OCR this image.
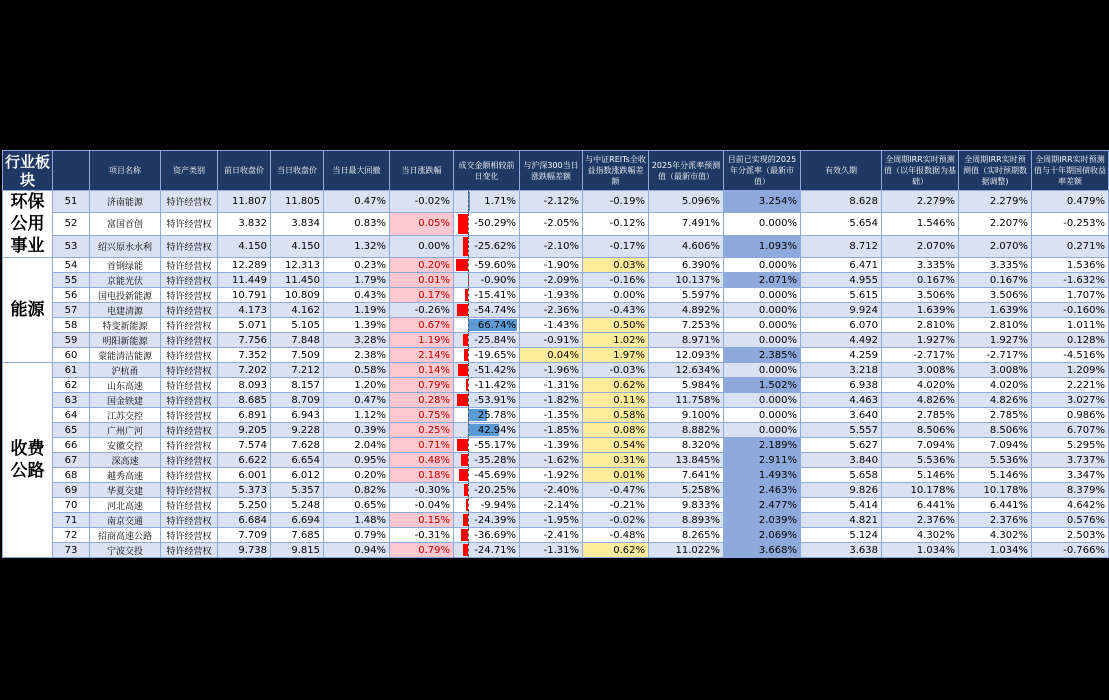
行业板块		项目名称	资产类别	前日收盘价	当日收盘价	当日最大回撤	当日涨跌幅	成交金额相较前日变化	与沪深300当日涨跌幅差额	与中证REITs全收益指数涨跌幅差额	2025年分派率预测值（最新市值）	目前已实现的2025年分派率（最新市值）	有效久期	全周期IRR实时预测值（以年报数据为基础）	全周期IRR实时预测值（实时预期数据调整)	全周期IRR实时预测值与十年期国债收益率差额
环保公用事业	51	济南能源	特许经营权	11.807	11.805	0.47%	-0.02%	1.71%	-2.12%	-0.19%	5.096%	3.254%	8.628	2.279%	2.279%	0.479%
	52	富国首创	特许经营权	3.832	3.834	0.83%	0.05%	-50.29%	-2.05%	-0.12%	7.491%	0.000%	5.654	1.546%	2.207%	-0.253%
	53	绍兴原水水利	特许经营权	4.150	4.150	1.32%	0.00%	-25.62%	-2.10%	-0.17%	4.606%	1.093%	8.712	2.070%	2.070%	0.271%
能源	54	首钢绿能	特许经营权	12.289	12.313	0.23%	0.20%	-59.60%	-1.90%	0.03%	6.390%	0.000%	6.471	3.335%	3.335%	1.536%
	55	京能光伏	特许经营权	11.449	11.450	1.79%	0.01%	-0.90%	-2.09%	-0.16%	10.137%	2.071%	4.955	0.167%	0.167%	-1.632%
	56	国电投新能源	特许经营权	10.791	10.809	0.43%	0.17%	-15.41%	-1.93%	0.00%	5.597%	0.000%	5.615	3.506%	3.506%	1.707%
	57	电建清源	特许经营权	4.173	4.162	1.19%	-0.26%	-54.74%	-2.36%	-0.43%	4.892%	0.000%	9.924	1.639%	1.639%	-0.160%
	58	特变新能源	特许经营权	5.071	5.105	1.39%	0.67%	66.74%	-1.43%	0.50%	7.253%	0.000%	6.070	2.810%	2.810%	1.011%
	59	明阳新能源	特许经营权	7.756	7.848	3.28%	1.19%	-25.84%	-0.91%	1.02%	8.971%	0.000%	4.492	1.927%	1.927%	0.128%
	60	蒙能清洁能源	特许经营权	7.352	7.509	2.38%	2.14%	-19.65%	0.04%	1.97%	12.093%	2.385%	4.259	-2.717%	-2.717%	-4.516%
收费公路	61	沪杭甬	特许经营权	7.202	7.212	0.58%	0.14%	-51.42%	-1.96%	-0.03%	12.634%	0.000%	3.218	3.008%	3.008%	1.209%
	62	山东高速	特许经营权	8.093	8.157	1.20%	0.79%	-11.42%	-1.31%	0.62%	5.984%	1.502%	6.938	4.020%	4.020%	2.221%
	63	国金铁建	特许经营权	8.685	8.709	0.47%	0.28%	-53.91%	-1.82%	0.11%	11.758%	0.000%	4.463	4.826%	4.826%	3.027%
	64	江苏交控	特许经营权	6.891	6.943	1.12%	0.75%	25.78%	-1.35%	0.58%	9.100%	0.000%	3.640	2.785%	2.785%	0.986%
	65	广州广河	特许经营权	9.205	9.228	0.39%	0.25%	42.94%	-1.85%	0.08%	8.882%	0.000%	5.557	8.506%	8.506%	6.707%
	66	安徽交控	特许经营权	7.574	7.628	2.04%	0.71%	-55.17%	-1.39%	0.54%	8.320%	2.189%	5.627	7.094%	7.094%	5.295%
	67	深高速	特许经营权	6.622	6.654	0.95%	0.48%	-35.28%	-1.62%	0.31%	13.845%	2.911%	3.840	5.536%	5.536%	3.737%
	68	越秀高速	特许经营权	6.001	6.012	0.20%	0.18%	-45.69%	-1.92%	0.01%	7.641%	1.493%	5.658	5.146%	5.146%	3.347%
	69	华夏交建	特许经营权	5.373	5.357	0.82%	-0.30%	-20.25%	-2.40%	-0.47%	5.258%	2.463%	9.826	10.178%	10.178%	8.379%
	70	河北高速	特许经营权	5.250	5.248	0.65%	-0.04%	-9.94%	-2.14%	-0.21%	9.833%	2.477%	5.414	6.441%	6.441%	4.642%
	71	南京交通	特许经营权	6.684	6.694	1.48%	0.15%	-24.39%	-1.95%	-0.02%	8.893%	2.039%	4.821	2.376%	2.376%	0.576%
	72	招商高速公路	特许经营权	7.709	7.685	0.79%	-0.31%	-36.69%	-2.41%	-0.48%	8.265%	2.069%	5.124	4.302%	4.302%	2.503%
	73	宁波交投	特许经营权	9.738	9.815	0.94%	0.79%	-24.71%	-1.31%	0.62%	11.022%	3.668%	3.638	1.034%	1.034%	-0.766%
